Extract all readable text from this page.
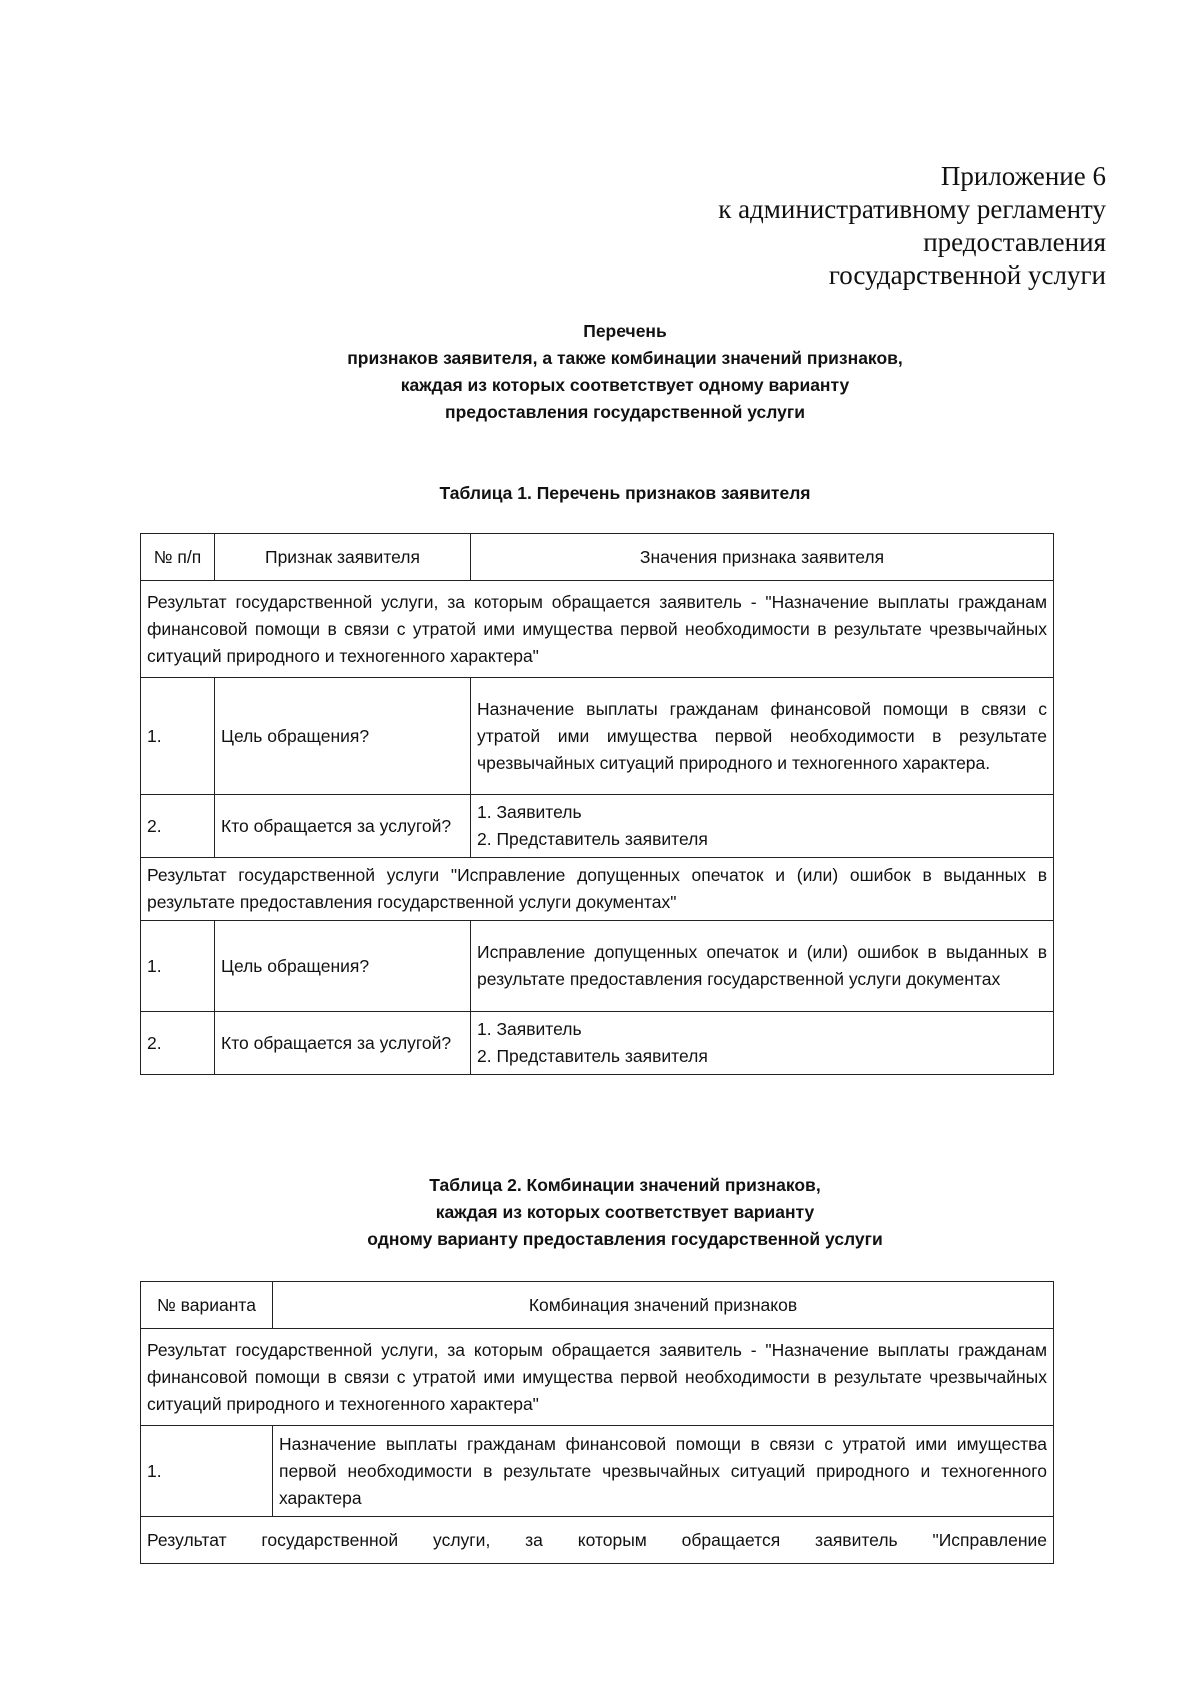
Приложение 6
к административному регламенту
предоставления
государственной услуги
Перечень
признаков заявителя, а также комбинации значений признаков,
каждая из которых соответствует одному варианту
предоставления государственной услуги
Таблица 1. Перечень признаков заявителя
№ п/п	Признак заявителя	Значения признака заявителя
Результат государственной услуги, за которым обращается заявитель - "Назначение выплаты гражданам финансовой помощи в связи с утратой ими имущества первой необходимости в результате чрезвычайных ситуаций природного и техногенного характера"		
1.	Цель обращения?	Назначение выплаты гражданам финансовой помощи в связи с утратой ими имущества первой необходимости в результате чрезвычайных ситуаций природного и техногенного характера.
2.	Кто обращается за услугой?	1. Заявитель
2. Представитель заявителя

Результат государственной услуги "Исправление допущенных опечаток и (или) ошибок в выданных в результате предоставления государственной услуги документах"		
1.	Цель обращения?	Исправление допущенных опечаток и (или) ошибок в выданных в результате предоставления государственной услуги документах
2.	Кто обращается за услугой?	1. Заявитель
2. Представитель заявителя
Таблица 2. Комбинации значений признаков,
каждая из которых соответствует варианту
одному варианту предоставления государственной услуги
№ варианта	Комбинация значений признаков
Результат государственной услуги, за которым обращается заявитель - "Назначение выплаты гражданам финансовой помощи в связи с утратой ими имущества первой необходимости в результате чрезвычайных ситуаций природного и техногенного характера"	
1.	Назначение выплаты гражданам финансовой помощи в связи с утратой ими имущества первой необходимости в результате чрезвычайных ситуаций природного и техногенного характера
Результат государственной услуги, за которым обращается заявитель "Исправление	
